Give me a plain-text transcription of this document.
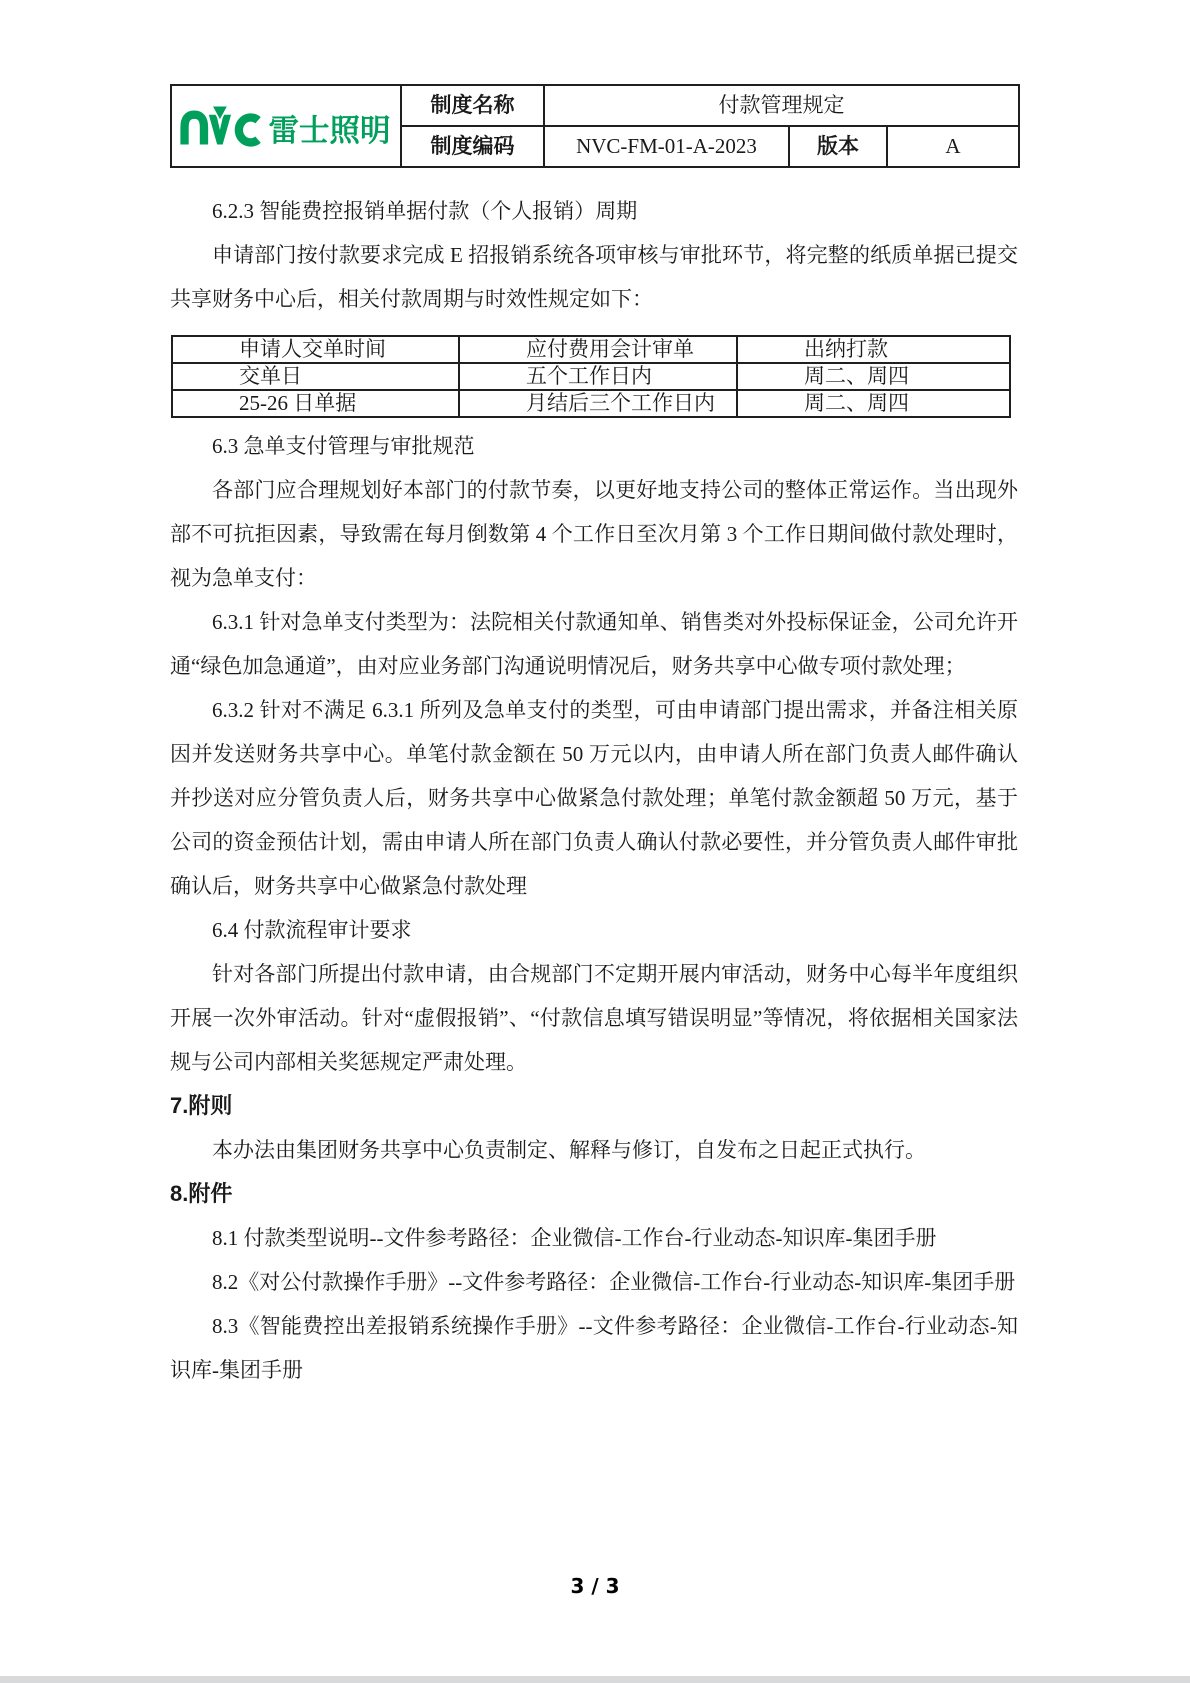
雷士照明	制度名称	付款管理规定		
	制度编码	NVC-FM-01-A-2023	版本	A

6.2.3 智能费控报销单据付款（个人报销）周期

申请部门按付款要求完成 E 招报销系统各项审核与审批环节，将完整的纸质单据已提交共享财务中心后，相关付款周期与时效性规定如下：

申请人交单时间	应付费用会计审单	出纳打款
交单日	五个工作日内	周二、周四
25-26 日单据	月结后三个工作日内	周二、周四

6.3 急单支付管理与审批规范

各部门应合理规划好本部门的付款节奏，以更好地支持公司的整体正常运作。当出现外部不可抗拒因素，导致需在每月倒数第 4 个工作日至次月第 3 个工作日期间做付款处理时，视为急单支付：

6.3.1 针对急单支付类型为：法院相关付款通知单、销售类对外投标保证金，公司允许开通“绿色加急通道”，由对应业务部门沟通说明情况后，财务共享中心做专项付款处理；

6.3.2 针对不满足 6.3.1 所列及急单支付的类型，可由申请部门提出需求，并备注相关原因并发送财务共享中心。单笔付款金额在 50 万元以内，由申请人所在部门负责人邮件确认并抄送对应分管负责人后，财务共享中心做紧急付款处理；单笔付款金额超 50 万元，基于公司的资金预估计划，需由申请人所在部门负责人确认付款必要性，并分管负责人邮件审批确认后，财务共享中心做紧急付款处理

6.4 付款流程审计要求

针对各部门所提出付款申请，由合规部门不定期开展内审活动，财务中心每半年度组织开展一次外审活动。针对“虚假报销”、“付款信息填写错误明显”等情况，将依据相关国家法规与公司内部相关奖惩规定严肃处理。

7.附则

本办法由集团财务共享中心负责制定、解释与修订，自发布之日起正式执行。

8.附件

8.1 付款类型说明--文件参考路径：企业微信-工作台-行业动态-知识库-集团手册

8.2《对公付款操作手册》--文件参考路径：企业微信-工作台-行业动态-知识库-集团手册

8.3《智能费控出差报销系统操作手册》--文件参考路径：企业微信-工作台-行业动态-知识库-集团手册

3 / 3
